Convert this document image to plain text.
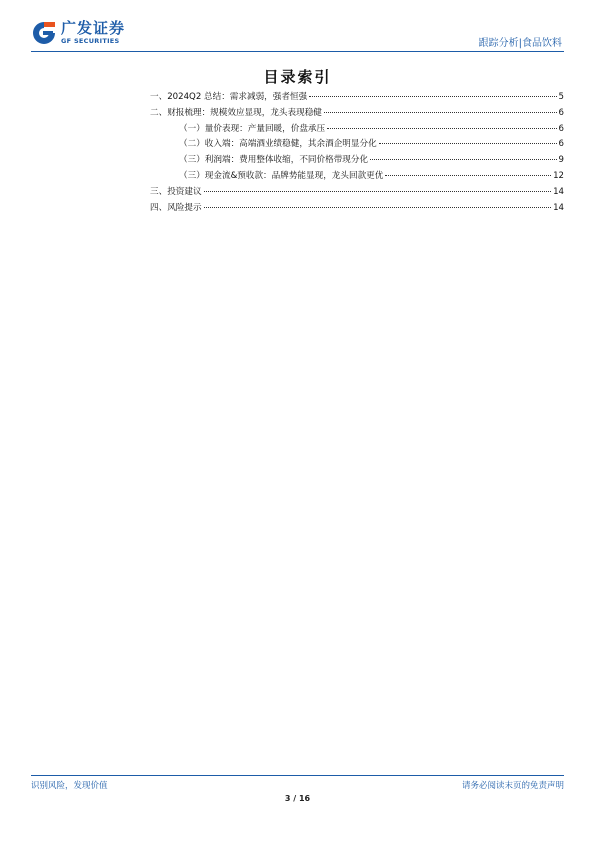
广发证券
GF SECURITIES	跟踪分析|食品饮料
目录索引
一、2024Q2 总结：需求减弱，强者恒强	5
二、财报梳理：规模效应显现，龙头表现稳健	6
（一）量价表现：产量回暖，价盘承压	6
（二）收入端：高端酒业绩稳健，其余酒企明显分化	6
（三）利润端：费用整体收缩，不同价格带现分化	9
（三）现金流&预收款：品牌势能显现，龙头回款更优	12
三、投资建议	14
四、风险提示	14
识别风险，发现价值	请务必阅读末页的免责声明
3 / 16
